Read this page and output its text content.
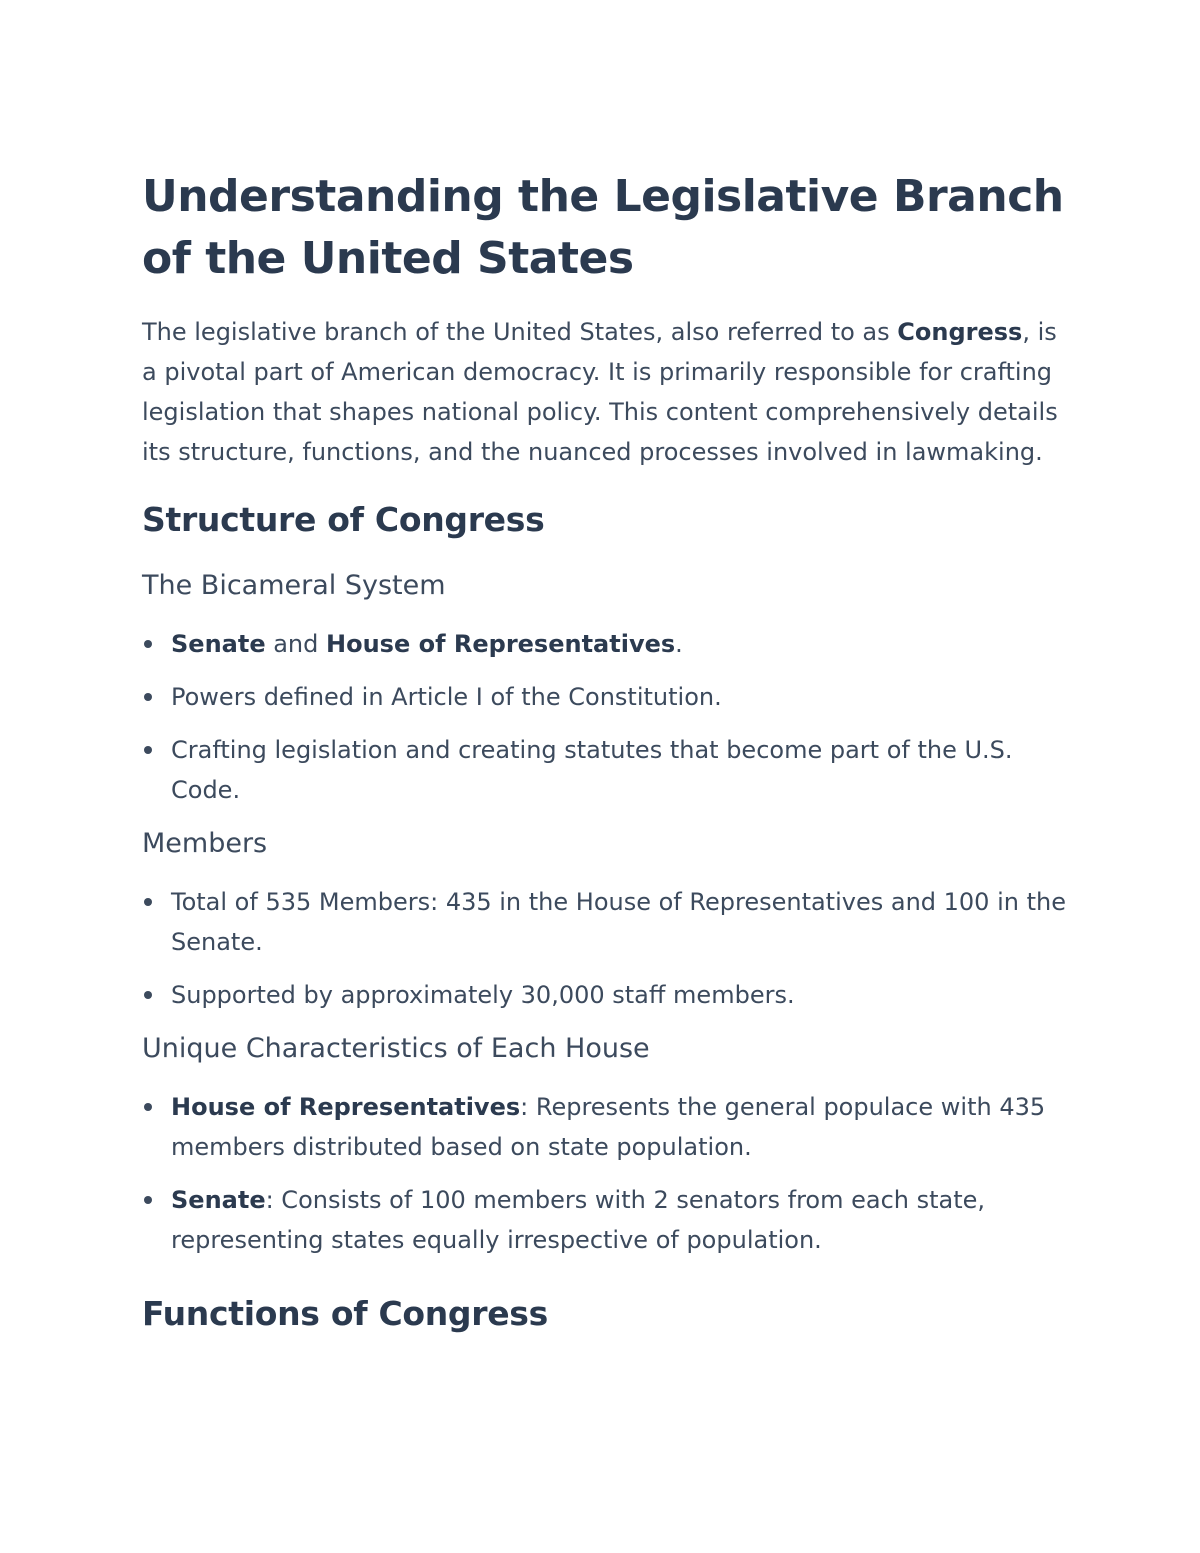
Understanding the Legislative Branch of the United States

The legislative branch of the United States, also referred to as Congress, is a pivotal part of American democracy. It is primarily responsible for crafting legislation that shapes national policy. This content comprehensively details its structure, functions, and the nuanced processes involved in lawmaking.

Structure of Congress
The Bicameral System
Senate and House of Representatives.
Powers defined in Article I of the Constitution.
Crafting legislation and creating statutes that become part of the U.S. Code.
Members
Total of 535 Members: 435 in the House of Representatives and 100 in the Senate.
Supported by approximately 30,000 staff members.
Unique Characteristics of Each House
House of Representatives: Represents the general populace with 435 members distributed based on state population.
Senate: Consists of 100 members with 2 senators from each state, representing states equally irrespective of population.
Functions of Congress
